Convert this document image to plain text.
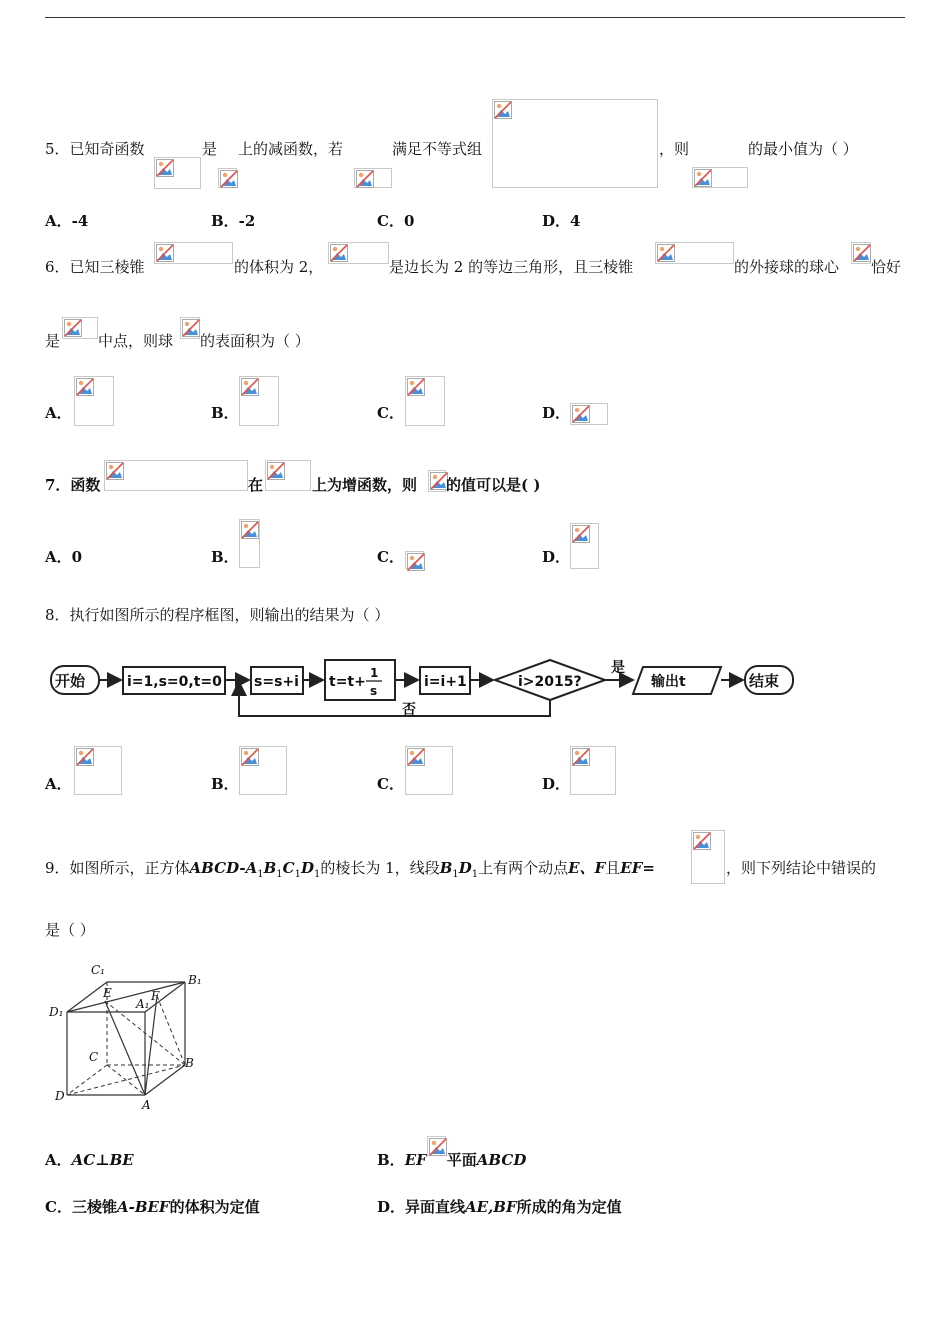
5．已知奇函数	是 上的减函数，若	满足不等式组	，则	的最小值为（ ）
A．-4	B．-2	C．0	D．4
6．已知三棱锥	的体积为 2，	是边长为 2 的等边三角形，且三棱锥	的外接球的球心 恰好
是	中点，则球 的表面积为（ ）
A．	B．	C．	D．
7．函数	在	上为增函数，则 的值可以是( )
A．0	B．	C．	D．
8．执行如图所示的程序框图，则输出的结果为（ ）
开始	i=1,s=0,t=0 s=s+i t=t+
1
s
i=i+1	i>2015?
是
输出t	结束
否
A．	B．	C．	D．
9．如图所示，正方体ABCD-$A_1B_1C_1D_1$的棱长为 1，线段$B_1D_1$上有两个动点E、F且EF=	，则下列结论中错误的
是（ ）
C₁
B₁
D₁
E
A₁
F
C	B
D
A
A．AC⊥BE	B．EF 平面ABCD
C．三棱锥A-BEF的体积为定值	D．异面直线AE,BF所成的角为定值
